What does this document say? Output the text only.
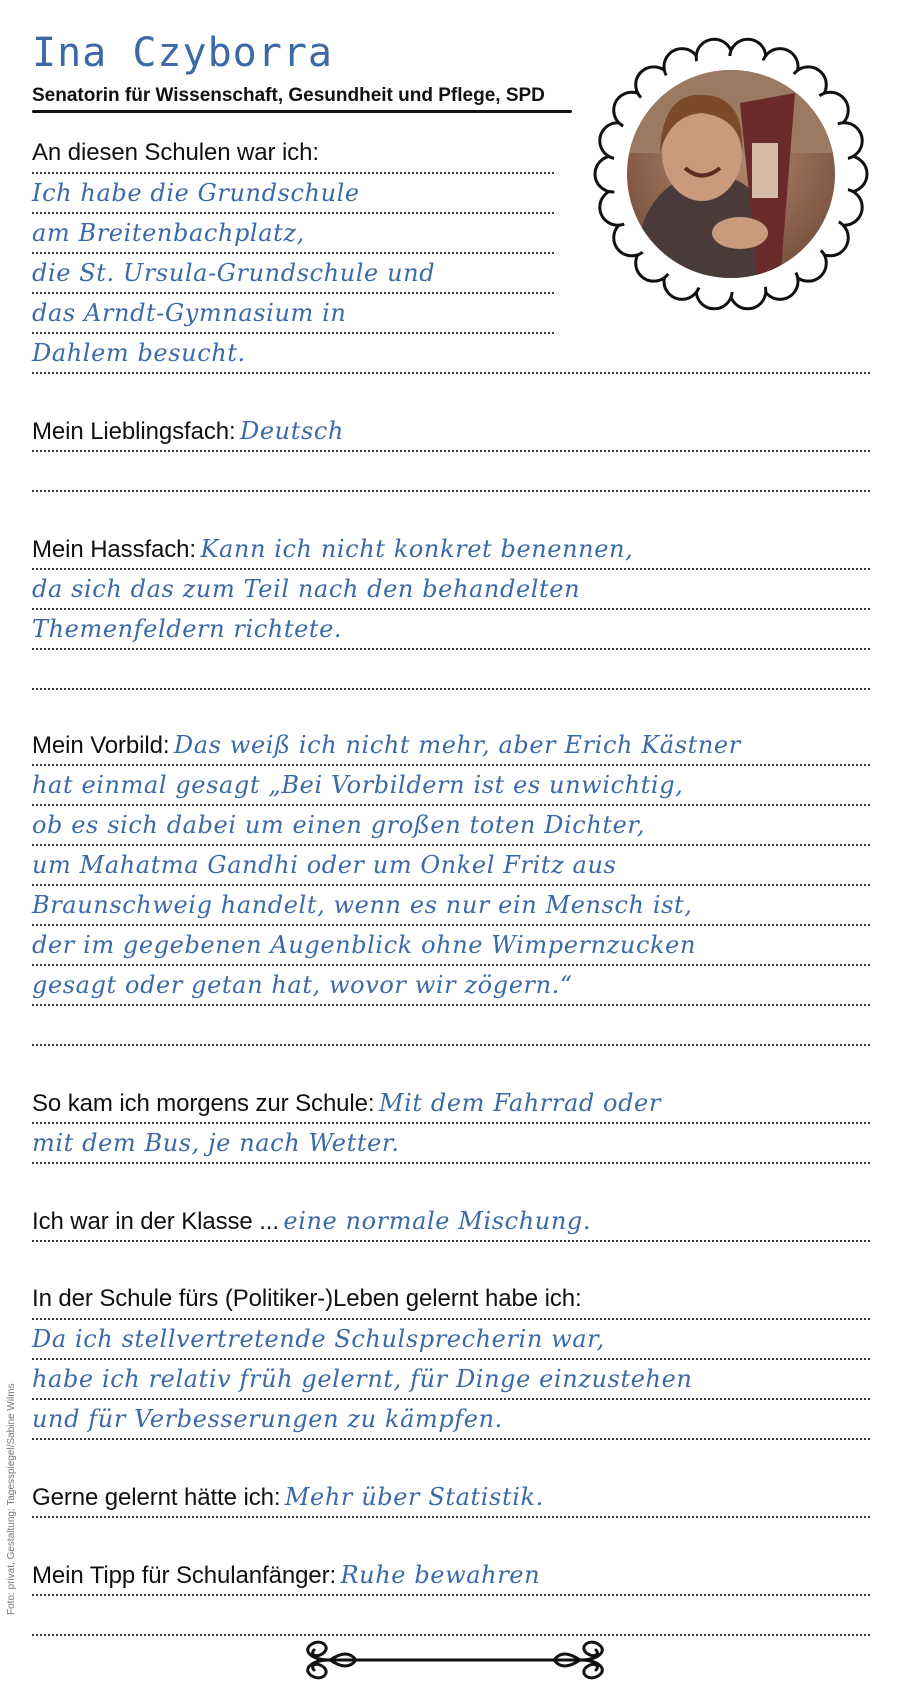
Ina Czyborra
Senatorin für Wissenschaft, Gesundheit und Pflege, SPD
An diesen Schulen war ich:
Ich habe die Grundschule
am Breitenbachplatz,
die St. Ursula-Grundschule und
das Arndt-Gymnasium in
Dahlem besucht.
Mein Lieblingsfach: Deutsch
Mein Hassfach: Kann ich nicht konkret benennen,
da sich das zum Teil nach den behandelten
Themenfeldern richtete.
Mein Vorbild: Das weiß ich nicht mehr, aber Erich Kästner
hat einmal gesagt „Bei Vorbildern ist es unwichtig,
ob es sich dabei um einen großen toten Dichter,
um Mahatma Gandhi oder um Onkel Fritz aus
Braunschweig handelt, wenn es nur ein Mensch ist,
der im gegebenen Augenblick ohne Wimpernzucken
gesagt oder getan hat, wovor wir zögern.“
So kam ich morgens zur Schule: Mit dem Fahrrad oder
mit dem Bus, je nach Wetter.
Ich war in der Klasse ... eine normale Mischung.
In der Schule fürs (Politiker-)Leben gelernt habe ich:
Da ich stellvertretende Schulsprecherin war,
habe ich relativ früh gelernt, für Dinge einzustehen
und für Verbesserungen zu kämpfen.
Gerne gelernt hätte ich: Mehr über Statistik.
Mein Tipp für Schulanfänger: Ruhe bewahren
Foto: privat, Gestaltung: Tagesspiegel/Sabine Wilms
